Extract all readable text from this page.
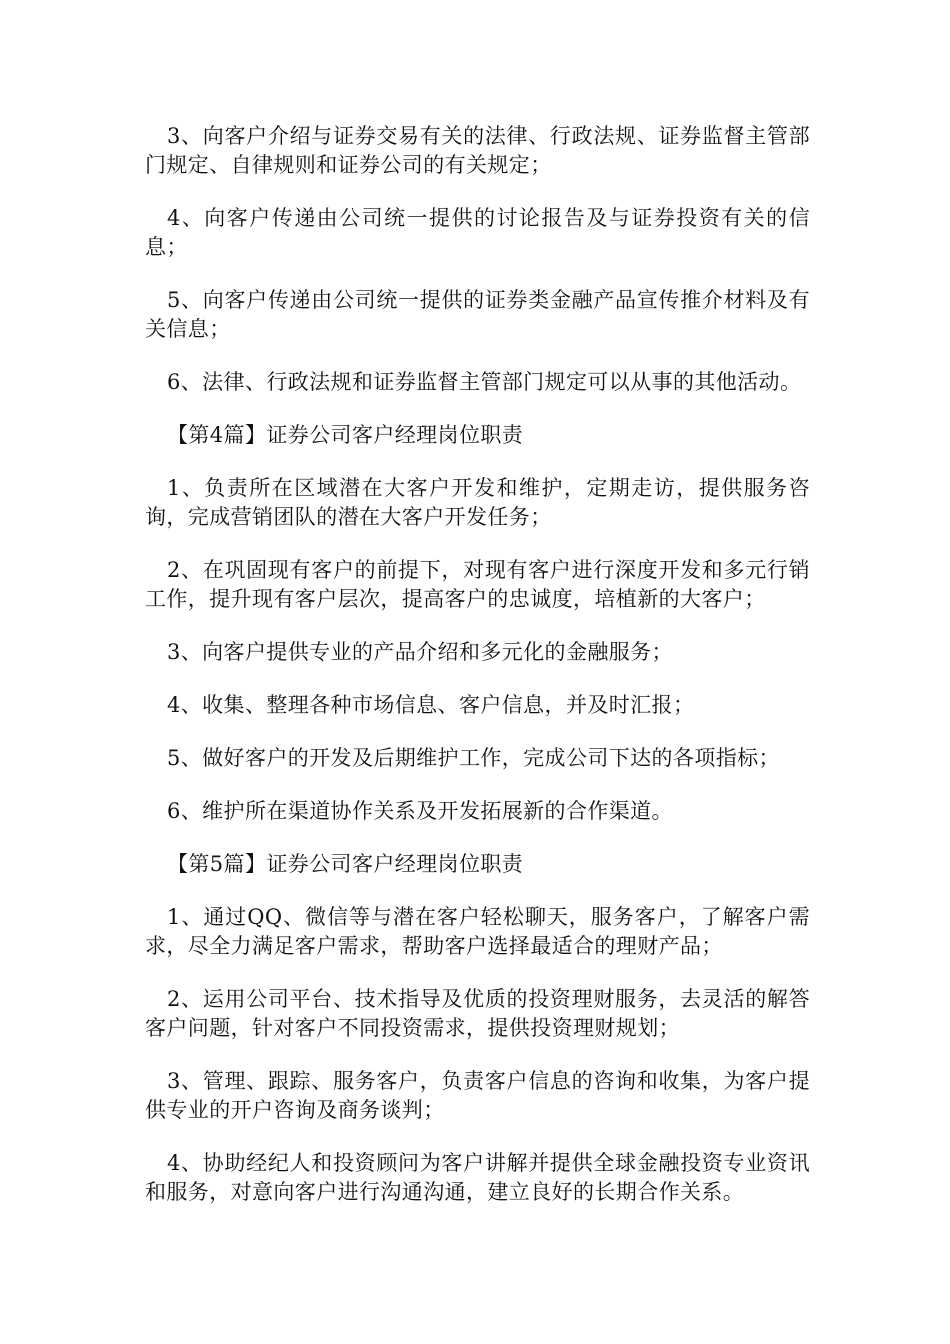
3、向客户介绍与证券交易有关的法律、行政法规、证券监督主管部门规定、自律规则和证券公司的有关规定；

4、向客户传递由公司统一提供的讨论报告及与证券投资有关的信息；

5、向客户传递由公司统一提供的证券类金融产品宣传推介材料及有关信息；

6、法律、行政法规和证券监督主管部门规定可以从事的其他活动。

【第4篇】证券公司客户经理岗位职责

1、负责所在区域潜在大客户开发和维护，定期走访，提供服务咨询，完成营销团队的潜在大客户开发任务；

2、在巩固现有客户的前提下，对现有客户进行深度开发和多元行销工作，提升现有客户层次，提高客户的忠诚度，培植新的大客户；

3、向客户提供专业的产品介绍和多元化的金融服务；

4、收集、整理各种市场信息、客户信息，并及时汇报；

5、做好客户的开发及后期维护工作，完成公司下达的各项指标；

6、维护所在渠道协作关系及开发拓展新的合作渠道。

【第5篇】证券公司客户经理岗位职责

1、通过QQ、微信等与潜在客户轻松聊天，服务客户，了解客户需求，尽全力满足客户需求，帮助客户选择最适合的理财产品；

2、运用公司平台、技术指导及优质的投资理财服务，去灵活的解答客户问题，针对客户不同投资需求，提供投资理财规划；

3、管理、跟踪、服务客户，负责客户信息的咨询和收集，为客户提供专业的开户咨询及商务谈判；

4、协助经纪人和投资顾问为客户讲解并提供全球金融投资专业资讯和服务，对意向客户进行沟通沟通，建立良好的长期合作关系。
